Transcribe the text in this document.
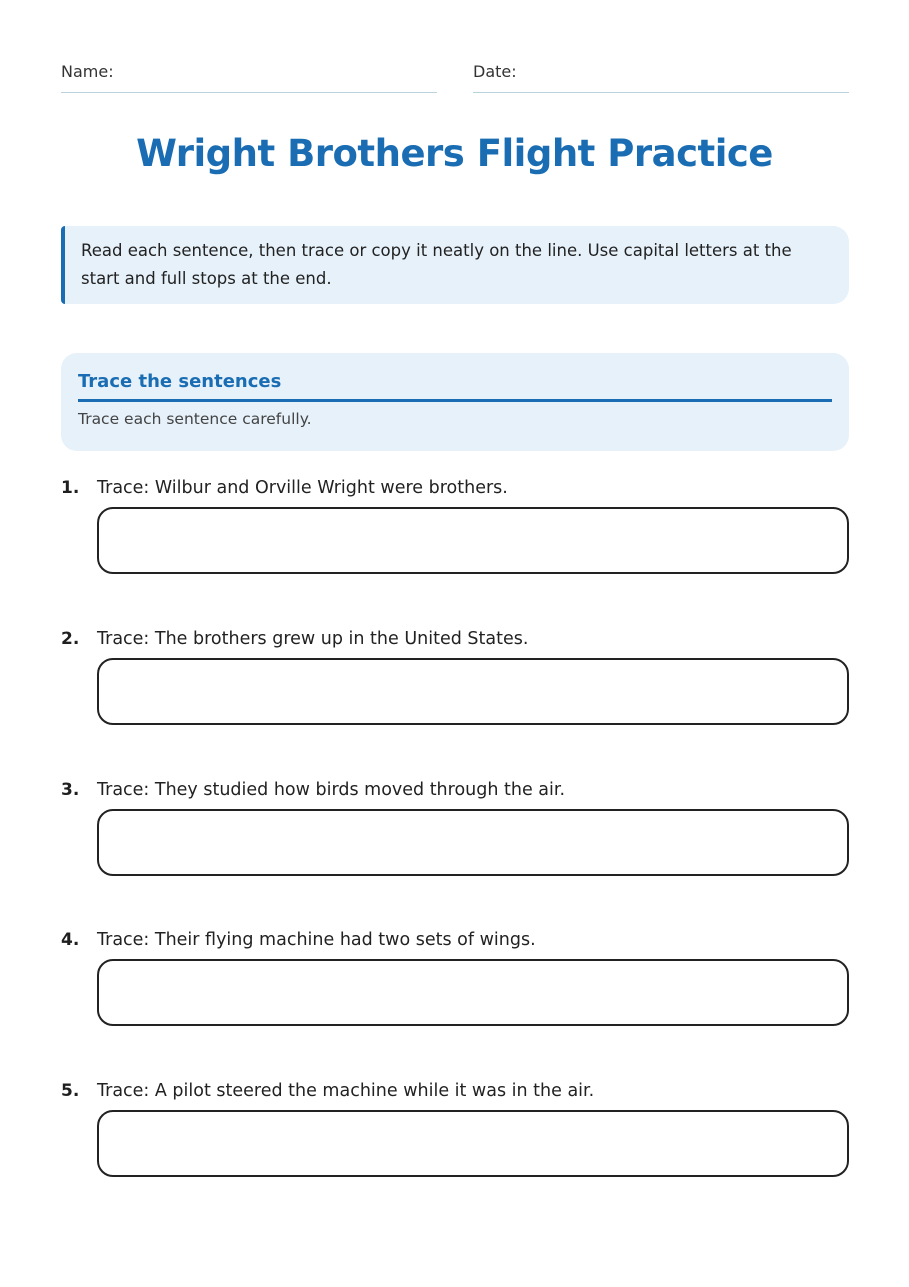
Name:	Date:
Wright Brothers Flight Practice
Read each sentence, then trace or copy it neatly on the line. Use capital letters at the start and full stops at the end.
Trace the sentences
Trace each sentence carefully.
1. Trace: Wilbur and Orville Wright were brothers.
2. Trace: The brothers grew up in the United States.
3. Trace: They studied how birds moved through the air.
4. Trace: Their flying machine had two sets of wings.
5. Trace: A pilot steered the machine while it was in the air.
